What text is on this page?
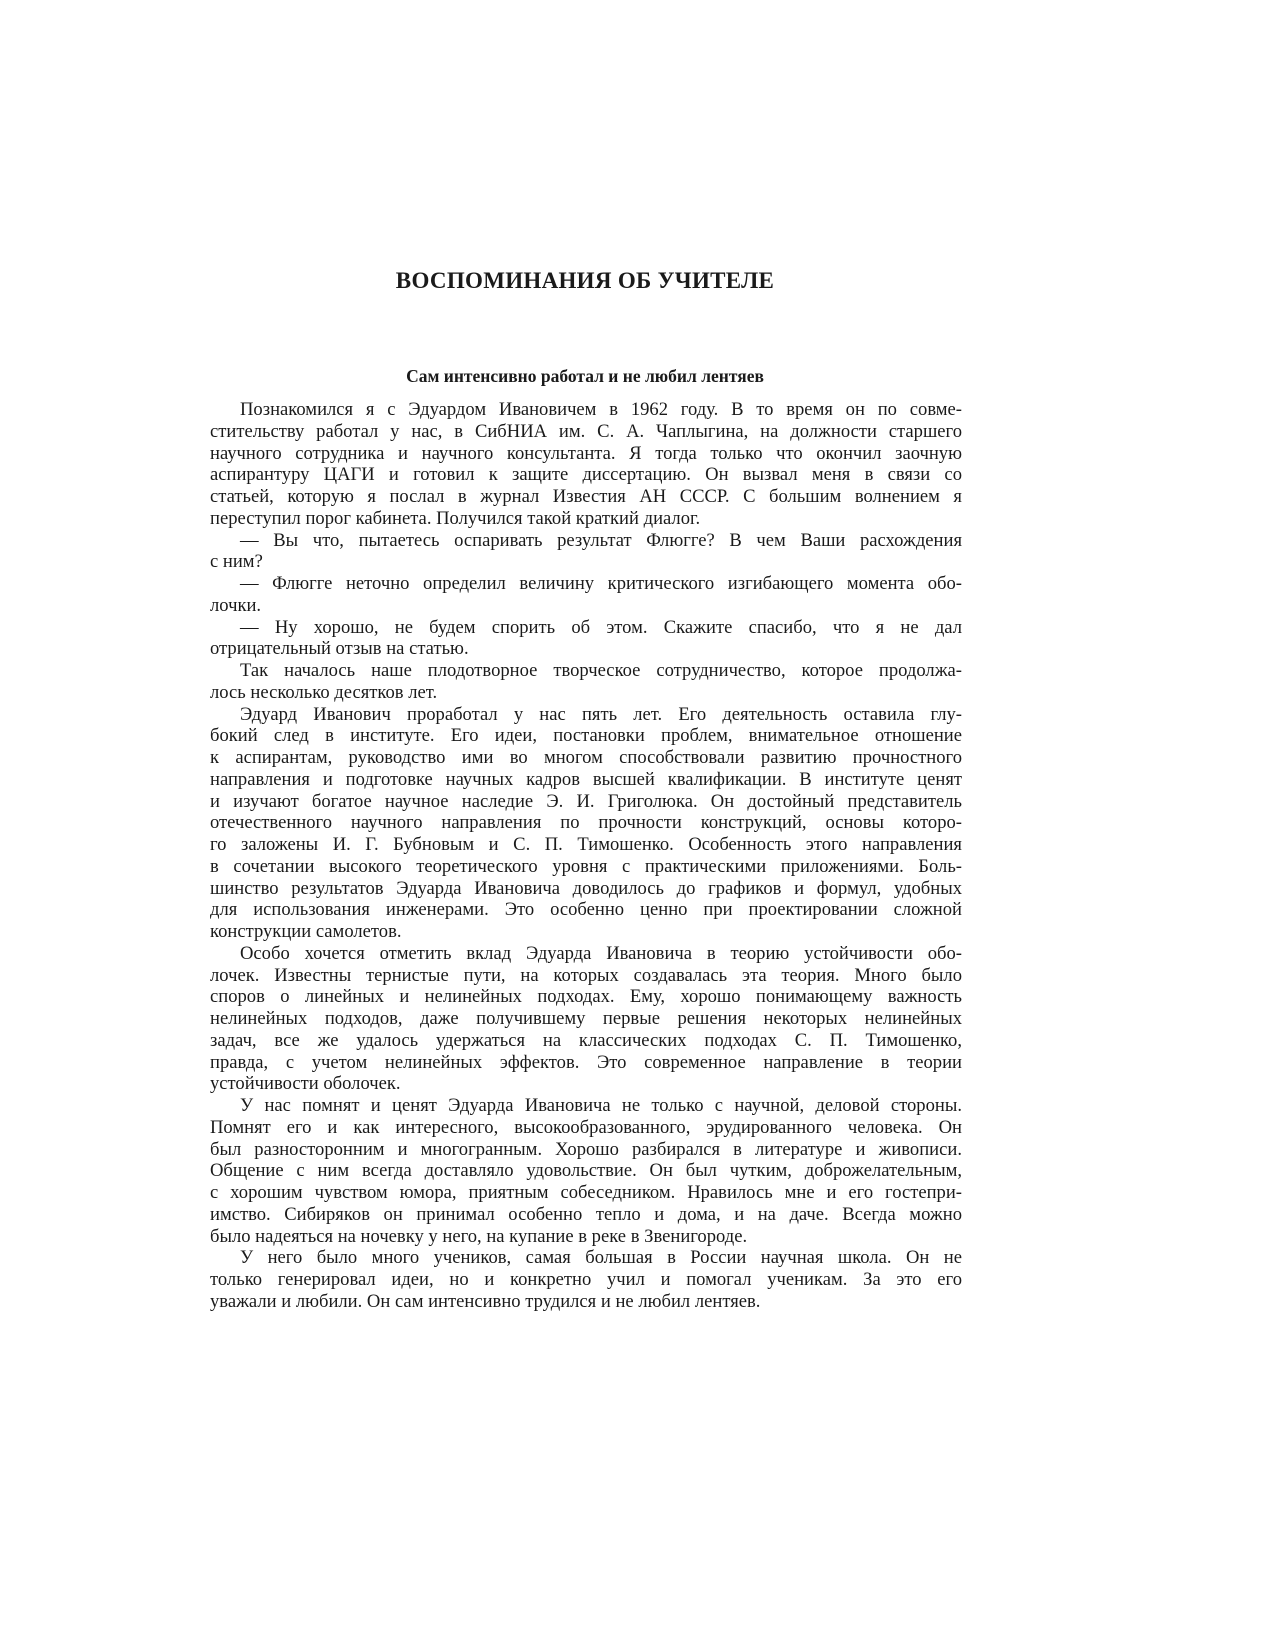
ВОСПОМИНАНИЯ ОБ УЧИТЕЛЕ
Сам интенсивно работал и не любил лентяев
Познакомился я с Эдуардом Ивановичем в 1962 году. В то время он по совме-
стительству работал у нас, в СибНИА им. С. А. Чаплыгина, на должности старшего
научного сотрудника и научного консультанта. Я тогда только что окончил заочную
аспирантуру ЦАГИ и готовил к защите диссертацию. Он вызвал меня в связи со
статьей, которую я послал в журнал Известия АН СССР. С большим волнением я
переступил порог кабинета. Получился такой краткий диалог.
— Вы что, пытаетесь оспаривать результат Флюгге? В чем Ваши расхождения
с ним?
— Флюгге неточно определил величину критического изгибающего момента обо-
лочки.
— Ну хорошо, не будем спорить об этом. Скажите спасибо, что я не дал
отрицательный отзыв на статью.
Так началось наше плодотворное творческое сотрудничество, которое продолжа-
лось несколько десятков лет.
Эдуард Иванович проработал у нас пять лет. Его деятельность оставила глу-
бокий след в институте. Его идеи, постановки проблем, внимательное отношение
к аспирантам, руководство ими во многом способствовали развитию прочностного
направления и подготовке научных кадров высшей квалификации. В институте ценят
и изучают богатое научное наследие Э. И. Григолюка. Он достойный представитель
отечественного научного направления по прочности конструкций, основы которо-
го заложены И. Г. Бубновым и С. П. Тимошенко. Особенность этого направления
в сочетании высокого теоретического уровня с практическими приложениями. Боль-
шинство результатов Эдуарда Ивановича доводилось до графиков и формул, удобных
для использования инженерами. Это особенно ценно при проектировании сложной
конструкции самолетов.
Особо хочется отметить вклад Эдуарда Ивановича в теорию устойчивости обо-
лочек. Известны тернистые пути, на которых создавалась эта теория. Много было
споров о линейных и нелинейных подходах. Ему, хорошо понимающему важность
нелинейных подходов, даже получившему первые решения некоторых нелинейных
задач, все же удалось удержаться на классических подходах С. П. Тимошенко,
правда, с учетом нелинейных эффектов. Это современное направление в теории
устойчивости оболочек.
У нас помнят и ценят Эдуарда Ивановича не только с научной, деловой стороны.
Помнят его и как интересного, высокообразованного, эрудированного человека. Он
был разносторонним и многогранным. Хорошо разбирался в литературе и живописи.
Общение с ним всегда доставляло удовольствие. Он был чутким, доброжелательным,
с хорошим чувством юмора, приятным собеседником. Нравилось мне и его гостепри-
имство. Сибиряков он принимал особенно тепло и дома, и на даче. Всегда можно
было надеяться на ночевку у него, на купание в реке в Звенигороде.
У него было много учеников, самая большая в России научная школа. Он не
только генерировал идеи, но и конкретно учил и помогал ученикам. За это его
уважали и любили. Он сам интенсивно трудился и не любил лентяев.
